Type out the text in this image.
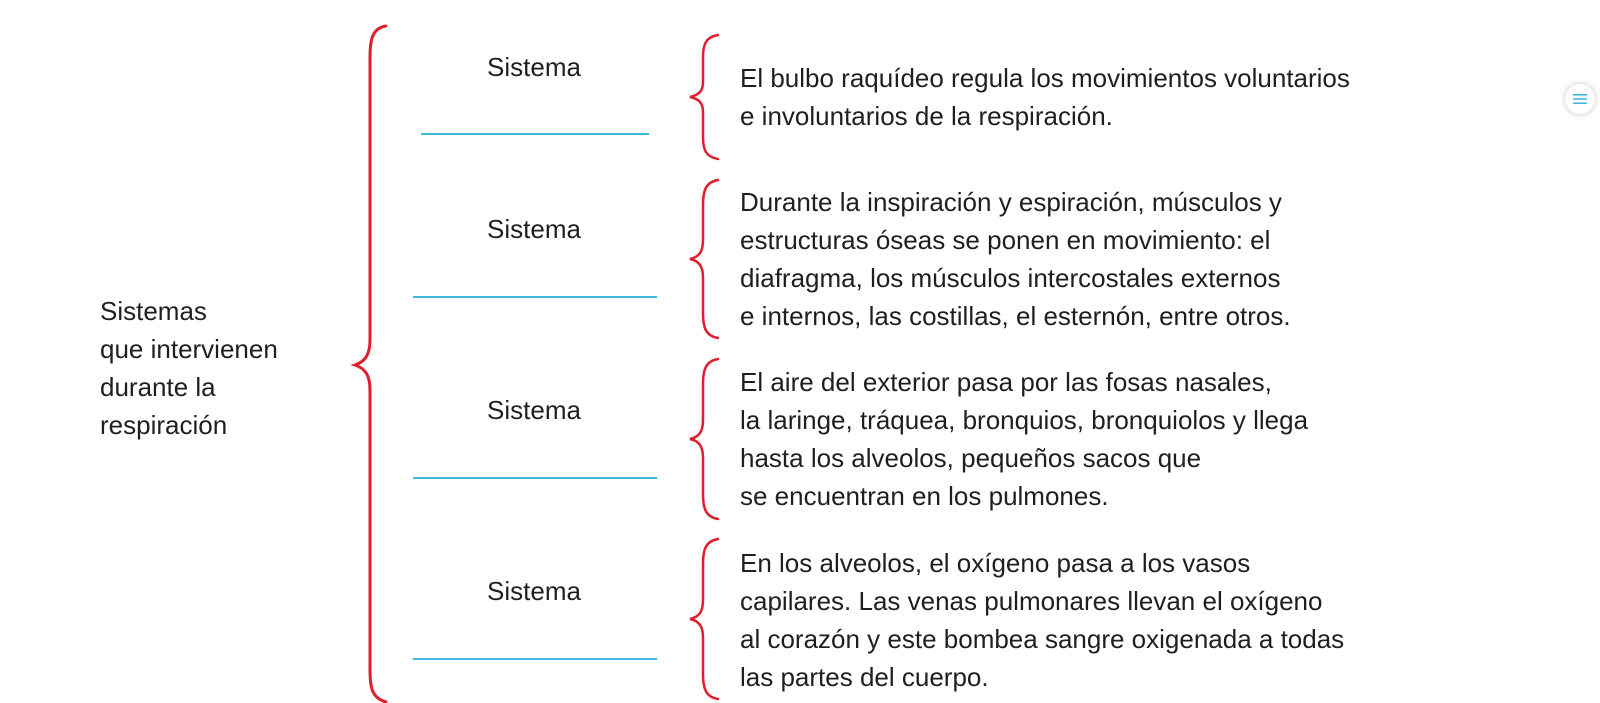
Sistemas
que intervienen
durante la
respiración
Sistema	El bulbo raquídeo regula los movimientos voluntarios
e involuntarios de la respiración.

Sistema

Durante la inspiración y espiración, músculos y
estructuras óseas se ponen en movimiento: el
diafragma, los músculos intercostales externos
e internos, las costillas, el esternón, entre otros.

Sistema

El aire del exterior pasa por las fosas nasales,
la laringe, tráquea, bronquios, bronquiolos y llega
hasta los alveolos, pequeños sacos que
se encuentran en los pulmones.

Sistema

En los alveolos, el oxígeno pasa a los vasos
capilares. Las venas pulmonares llevan el oxígeno
al corazón y este bombea sangre oxigenada a todas
las partes del cuerpo.
